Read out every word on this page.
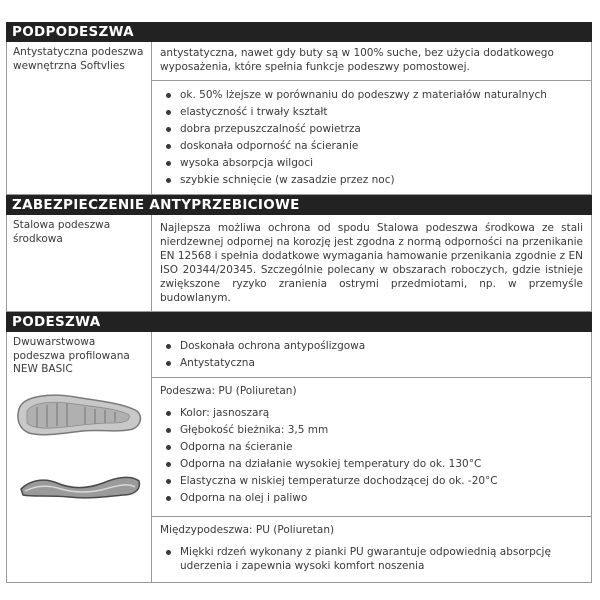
PODPODESZWA
Antystatyczna podeszwa wewnętrzna Softvlies

antystatyczna, nawet gdy buty są w 100% suche, bez użycia dodatkowego wyposażenia, które spełnia funkcje podeszwy pomostowej.

ok. 50% lżejsze w porównaniu do podeszwy z materiałów naturalnych
elastyczność i trwały kształt
dobra przepuszczalność powietrza
doskonała odporność na ścieranie
wysoka absorpcja wilgoci
szybkie schnięcie (w zasadzie przez noc)
ZABEZPIECZENIE ANTYPRZEBICIOWE
Stalowa podeszwa środkowa

Najlepsza możliwa ochrona od spodu Stalowa podeszwa środkowa ze stali nierdzewnej odpornej na korozję jest zgodna z normą odporności na przenikanie EN 12568 i spełnia dodatkowe wymagania hamowanie przenikania zgodnie z EN ISO 20344/20345. Szczególnie polecany w obszarach roboczych, gdzie istnieje zwiększone ryzyko zranienia ostrymi przedmiotami, np. w przemyśle budowlanym.

PODESZWA
Dwuwarstwowa podeszwa profilowana NEW BASIC
Doskonała ochrona antypoślizgowa
Antystatyczna
Podeszwa: PU (Poliuretan)
Kolor: jasnoszarą
Głębokość bieżnika: 3,5 mm
Odporna na ścieranie
Odporna na działanie wysokiej temperatury do ok. 130°C
Elastyczna w niskiej temperaturze dochodzącej do ok. -20°C
Odporna na olej i paliwo
Międzypodeszwa: PU (Poliuretan)
Miękki rdzeń wykonany z pianki PU gwarantuje odpowiednią absorpcję uderzenia i zapewnia wysoki komfort noszenia
